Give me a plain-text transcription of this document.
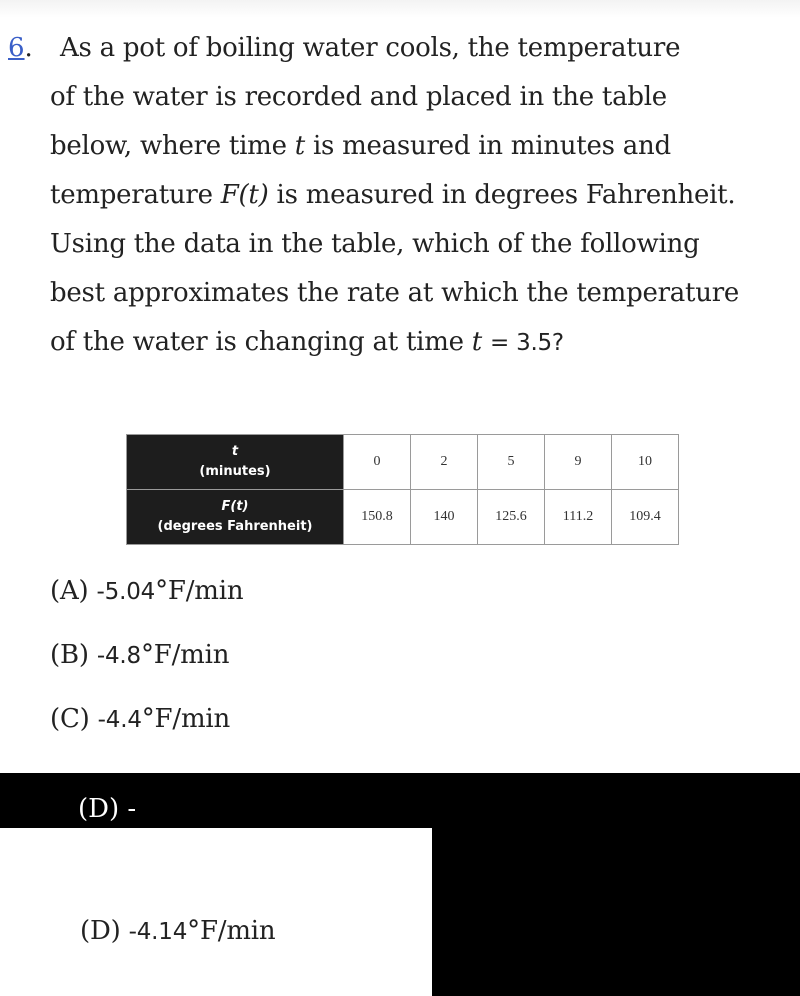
6. As a pot of boiling water cools, the temperature
of the water is recorded and placed in the table
below, where time t is measured in minutes and
temperature F(t) is measured in degrees Fahrenheit.
Using the data in the table, which of the following
best approximates the rate at which the temperature
of the water is changing at time t = 3.5?
t
(minutes)	0	2	5	9	10

F(t)
(degrees Fahrenheit)	150.8	140	125.6	111.2	109.4
(A) -5.04°F/min
(B) -4.8°F/min
(C) -4.4°F/min
(D) -
(D) -4.14°F/min
